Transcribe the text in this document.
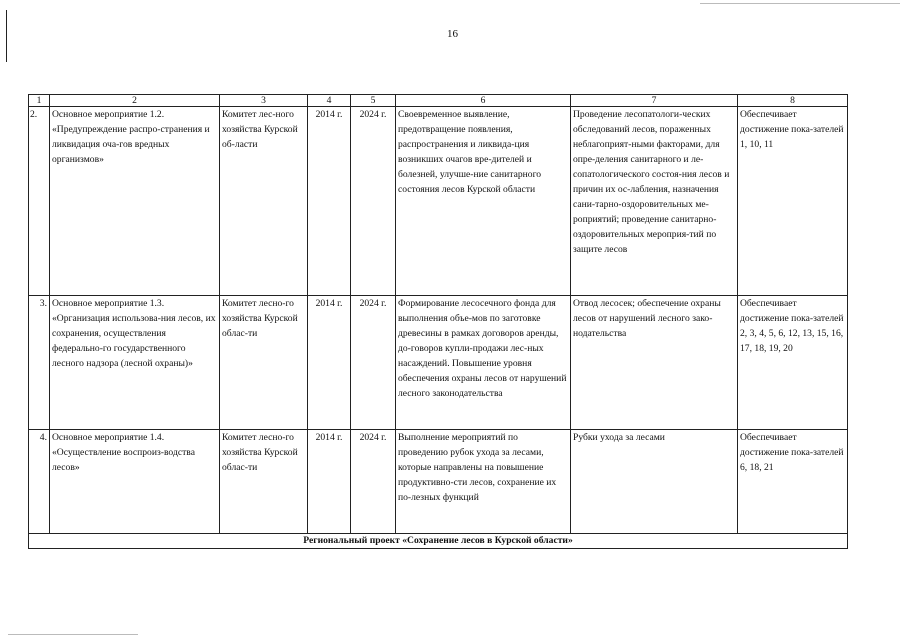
16
1	2	3	4	5	6	7	8
2.	Основное мероприятие 1.2. «Предупреждение распро-странения и ликвидация оча-гов вредных организмов»	Комитет лес-ного хозяйства Курской об-ласти	2014 г.	2024 г.	Своевременное выявление, предотвращение появления, распространения и ликвида-ция возникших очагов вре-дителей и болезней, улучше-ние санитарного состояния лесов Курской области	Проведение лесопатологи-ческих обследований лесов, пораженных неблагоприят-ными факторами, для опре-деления санитарного и ле-сопатологического состоя-ния лесов и причин их ос-лабления, назначения сани-тарно-оздоровительных ме-роприятий; проведение санитарно-оздоровительных мероприя-тий по защите лесов	Обеспечивает достижение пока-зателей 1, 10, 11
3.	Основное мероприятие 1.3. «Организация использова-ния лесов, их сохранения, осуществления федерально-го государственного лесного надзора (лесной охраны)»	Комитет лесно-го хозяйства Курской облас-ти	2014 г.	2024 г.	Формирование лесосечного фонда для выполнения объе-мов по заготовке древесины в рамках договоров аренды, до-говоров купли-продажи лес-ных насаждений. Повышение уровня обеспечения охраны лесов от нарушений лесного законодательства	Отвод лесосек; обеспечение охраны лесов от нарушений лесного зако-нодательства	Обеспечивает достижение пока-зателей 2, 3, 4, 5, 6, 12, 13, 15, 16, 17, 18, 19, 20
4.	Основное мероприятие 1.4. «Осуществление воспроиз-водства лесов»	Комитет лесно-го хозяйства Курской облас-ти	2014 г.	2024 г.	Выполнение мероприятий по проведению рубок ухода за лесами, которые направлены на повышение продуктивно-сти лесов, сохранение их по-лезных функций	Рубки ухода за лесами	Обеспечивает достижение пока-зателей 6, 18, 21
Региональный проект «Сохранение лесов в Курской области»							
